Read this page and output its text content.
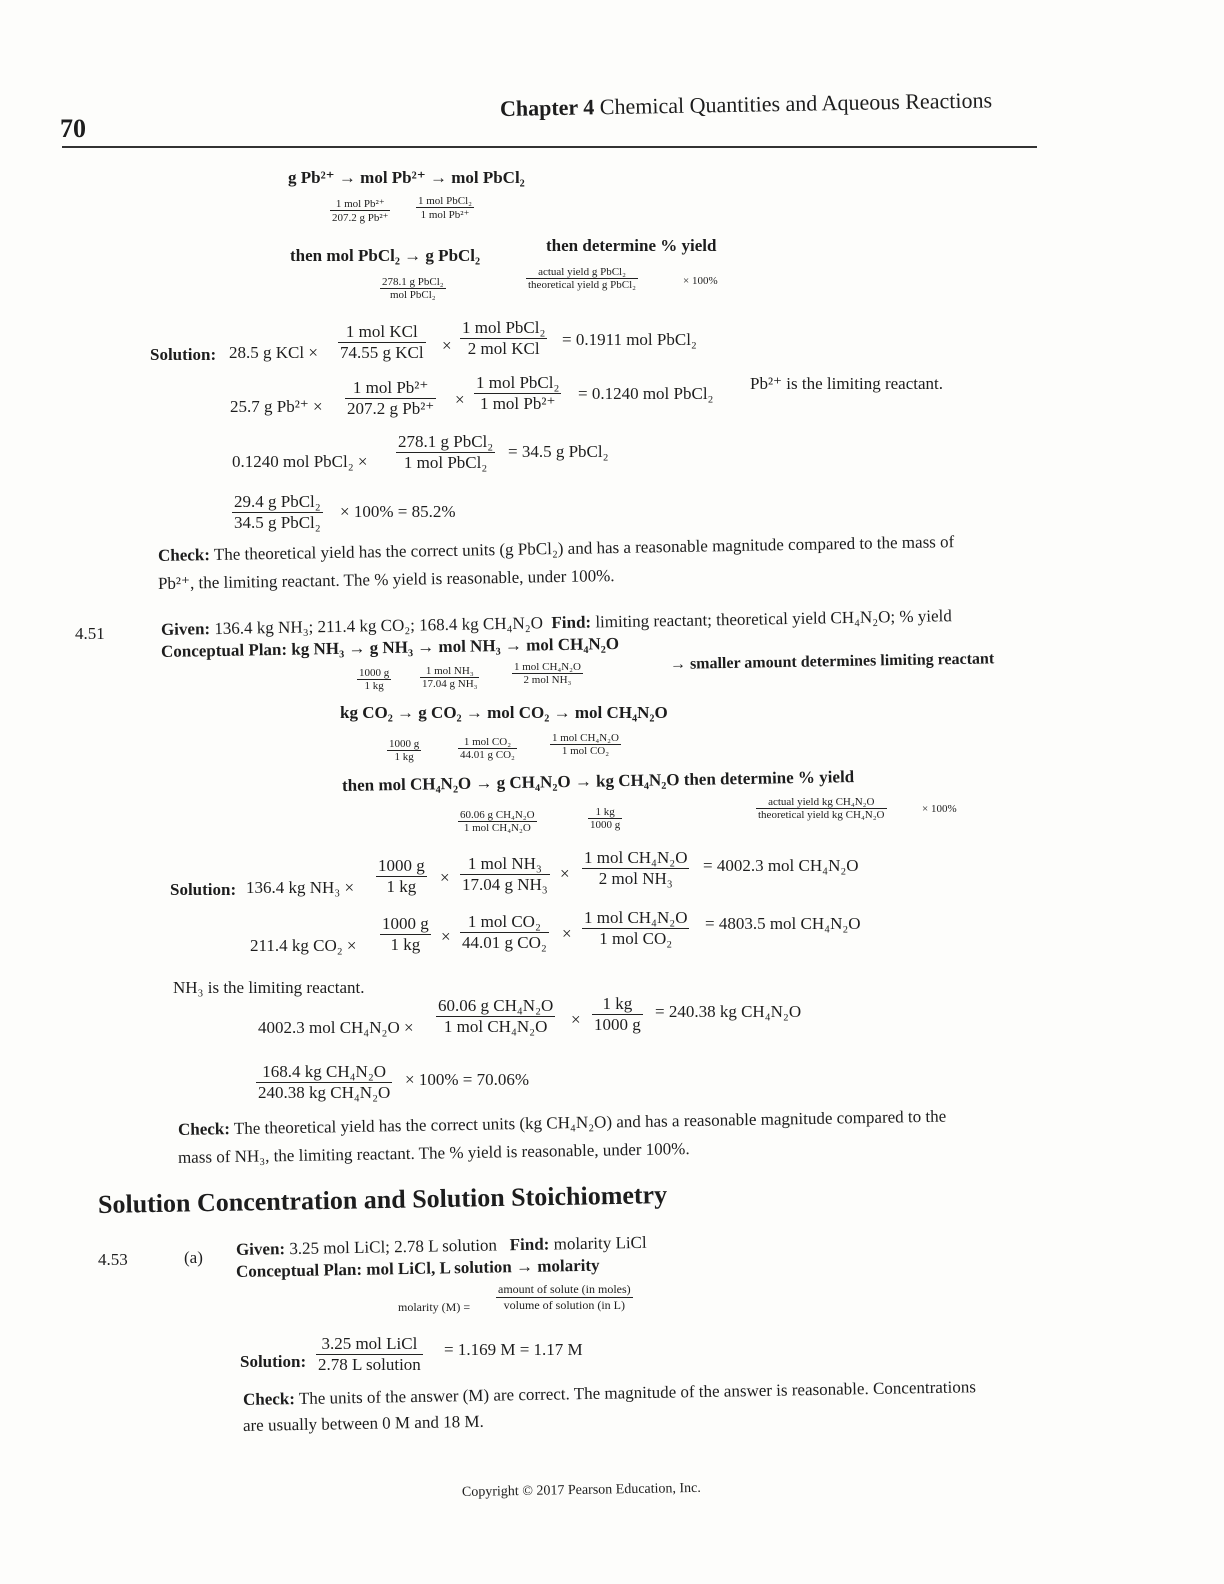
70
Chapter 4 Chemical Quantities and Aqueous Reactions
g Pb²⁺ → mol Pb²⁺ → mol PbCl₂
1 mol Pb²⁺
207.2 g Pb²⁺
1 mol PbCl₂
1 mol Pb²⁺
then mol PbCl₂ → g PbCl₂
then determine % yield
278.1 g PbCl₂
mol PbCl₂
actual yield g PbCl₂
theoretical yield g PbCl₂	× 100%
Solution: 28.5 g KCl ×
1 mol KCl
74.55 g KCl ×
1 mol PbCl₂
2 mol KCl	= 0.1911 mol PbCl₂
25.7 g Pb²⁺ ×
1 mol Pb²⁺
207.2 g Pb²⁺ ×
1 mol PbCl₂
1 mol Pb²⁺
= 0.1240 mol PbCl₂
Pb²⁺ is the limiting reactant.
0.1240 mol PbCl₂ ×
278.1 g PbCl₂
1 mol PbCl₂
= 34.5 g PbCl₂
29.4 g PbCl₂
34.5 g PbCl₂
× 100% = 85.2%
Check: The theoretical yield has the correct units (g PbCl₂) and has a reasonable magnitude compared to the mass of
Pb²⁺, the limiting reactant. The % yield is reasonable, under 100%.
4.51	Given: 136.4 kg NH₃; 211.4 kg CO₂; 168.4 kg CH₄N₂O Find: limiting reactant; theoretical yield CH₄N₂O; % yield
Conceptual Plan: kg NH₃ → g NH₃ → mol NH₃ → mol CH₄N₂O
$\frac{1000 g}{1 kg}$	1 mol NH₃
17.04 g NH₃
1 mol CH₄N₂O
2 mol NH₃
→ smaller amount determines limiting reactant
kg CO₂ → g CO₂ → mol CO₂ → mol CH₄N₂O
$\frac{1000 g}{1 kg}$	1 mol CO₂
44.01 g CO₂
1 mol CH₄N₂O
1 mol CO₂
then mol CH₄N₂O → g CH₄N₂O → kg CH₄N₂O then determine % yield
60.06 g CH₄N₂O
1 mol CH₄N₂O	$\frac{1 kg}{1000 g}$
actual yield kg CH₄N₂O
theoretical yield kg CH₄N₂O	× 100%
Solution: 136.4 kg $NH_3 \times \frac{1000 g}{1 kg}$ ×
1 mol NH₃
17.04 g NH₃
×
1 mol CH₄N₂O
2 mol NH₃
= 4002.3 mol CH₄N₂O
211.4 kg $CO_2 \times \frac{1000 g}{1 kg}$ ×
1 mol CO₂
44.01 g CO₂ ×
1 mol CH₄N₂O
1 mol CO₂
= 4803.5 mol CH₄N₂O
NH₃ is the limiting reactant.
4002.3 mol CH₄N₂O ×
60.06 g CH₄N₂O
1 mol CH₄N₂O	× $\frac{1 kg}{1000 g} = 240.38$ kg CH₄N₂O
$\frac{\text{168.4 kg CH₄N₂O}}{\text{240.38 kg CH₄N₂O}} \times 100\% = 70.06\%$
Check: The theoretical yield has the correct units (kg CH₄N₂O) and has a reasonable magnitude compared to the
mass of NH₃, the limiting reactant. The % yield is reasonable, under 100%.
Solution Concentration and Solution Stoichiometry
4.53	(a) Given: 3.25 mol LiCl; 2.78 L solution Find: molarity LiCl
Conceptual Plan: mol LiCl, L solution → molarity
molarity (M) =
amount of solute (in moles)
volume of solution (in L)
Solution:
3.25 mol LiCl
2.78 L solution
= 1.169 M = 1.17 M
Check: The units of the answer (M) are correct. The magnitude of the answer is reasonable. Concentrations
are usually between 0 M and 18 M.
Copyright © 2017 Pearson Education, Inc.
